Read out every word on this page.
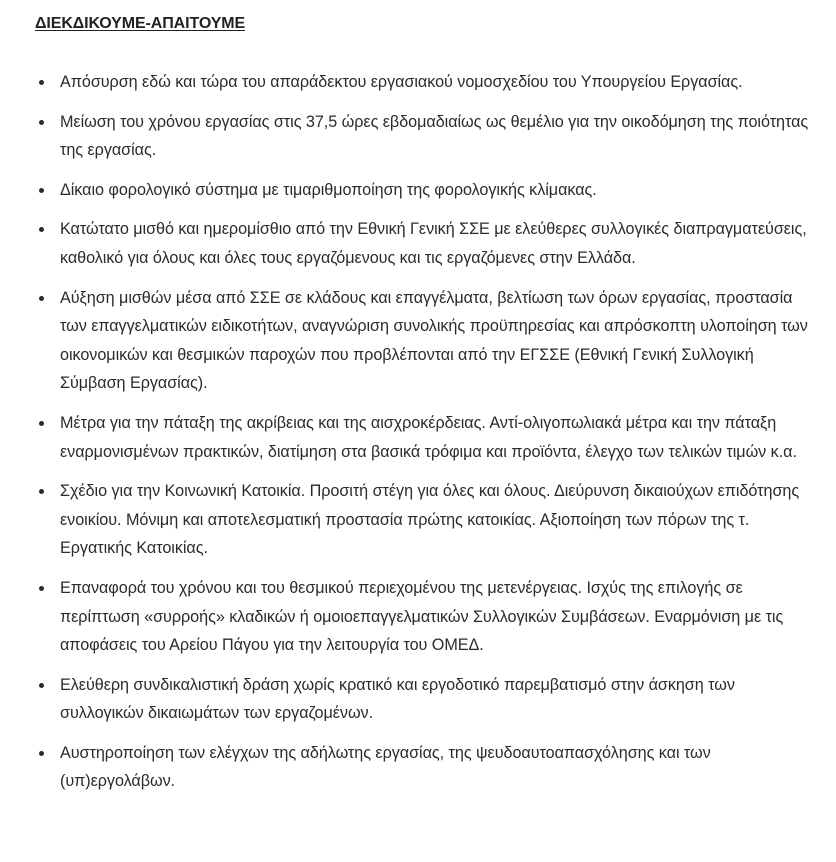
ΔΙΕΚΔΙΚΟΥΜΕ-ΑΠΑΙΤΟΥΜΕ
Απόσυρση εδώ και τώρα του απαράδεκτου εργασιακού νομοσχεδίου του Υπουργείου Εργασίας.
Μείωση του χρόνου εργασίας στις 37,5 ώρες εβδομαδιαίως ως θεμέλιο για την οικοδόμηση της ποιότητας της εργασίας.
Δίκαιο φορολογικό σύστημα με τιμαριθμοποίηση της φορολογικής κλίμακας.
Κατώτατο μισθό και ημερομίσθιο από την Εθνική Γενική ΣΣΕ με ελεύθερες συλλογικές διαπραγματεύσεις, καθολικό για όλους και όλες τους εργαζόμενους και τις εργαζόμενες στην Ελλάδα.
Αύξηση μισθών μέσα από ΣΣΕ σε κλάδους και επαγγέλματα, βελτίωση των όρων εργασίας, προστασία των επαγγελματικών ειδικοτήτων, αναγνώριση συνολικής προϋπηρεσίας και απρόσκοπτη υλοποίηση των οικονομικών και θεσμικών παροχών που προβλέπονται από την ΕΓΣΣΕ (Εθνική Γενική Συλλογική Σύμβαση Εργασίας).
Μέτρα για την πάταξη της ακρίβειας και της αισχροκέρδειας. Αντί-ολιγοπωλιακά μέτρα και την πάταξη εναρμονισμένων πρακτικών, διατίμηση στα βασικά τρόφιμα και προϊόντα, έλεγχο των τελικών τιμών κ.α.
Σχέδιο για την Κοινωνική Κατοικία. Προσιτή στέγη για όλες και όλους. Διεύρυνση δικαιούχων επιδότησης ενοικίου. Μόνιμη και αποτελεσματική προστασία πρώτης κατοικίας. Αξιοποίηση των πόρων της τ. Εργατικής Κατοικίας.
Επαναφορά του χρόνου και του θεσμικού περιεχομένου της μετενέργειας. Ισχύς της επιλογής σε περίπτωση «συρροής» κλαδικών ή ομοιοεπαγγελματικών Συλλογικών Συμβάσεων. Εναρμόνιση με τις αποφάσεις του Αρείου Πάγου για την λειτουργία του ΟΜΕΔ.
Ελεύθερη συνδικαλιστική δράση χωρίς κρατικό και εργοδοτικό παρεμβατισμό στην άσκηση των συλλογικών δικαιωμάτων των εργαζομένων.
Αυστηροποίηση των ελέγχων της αδήλωτης εργασίας, της ψευδοαυτοαπασχόλησης και των (υπ)εργολάβων.
